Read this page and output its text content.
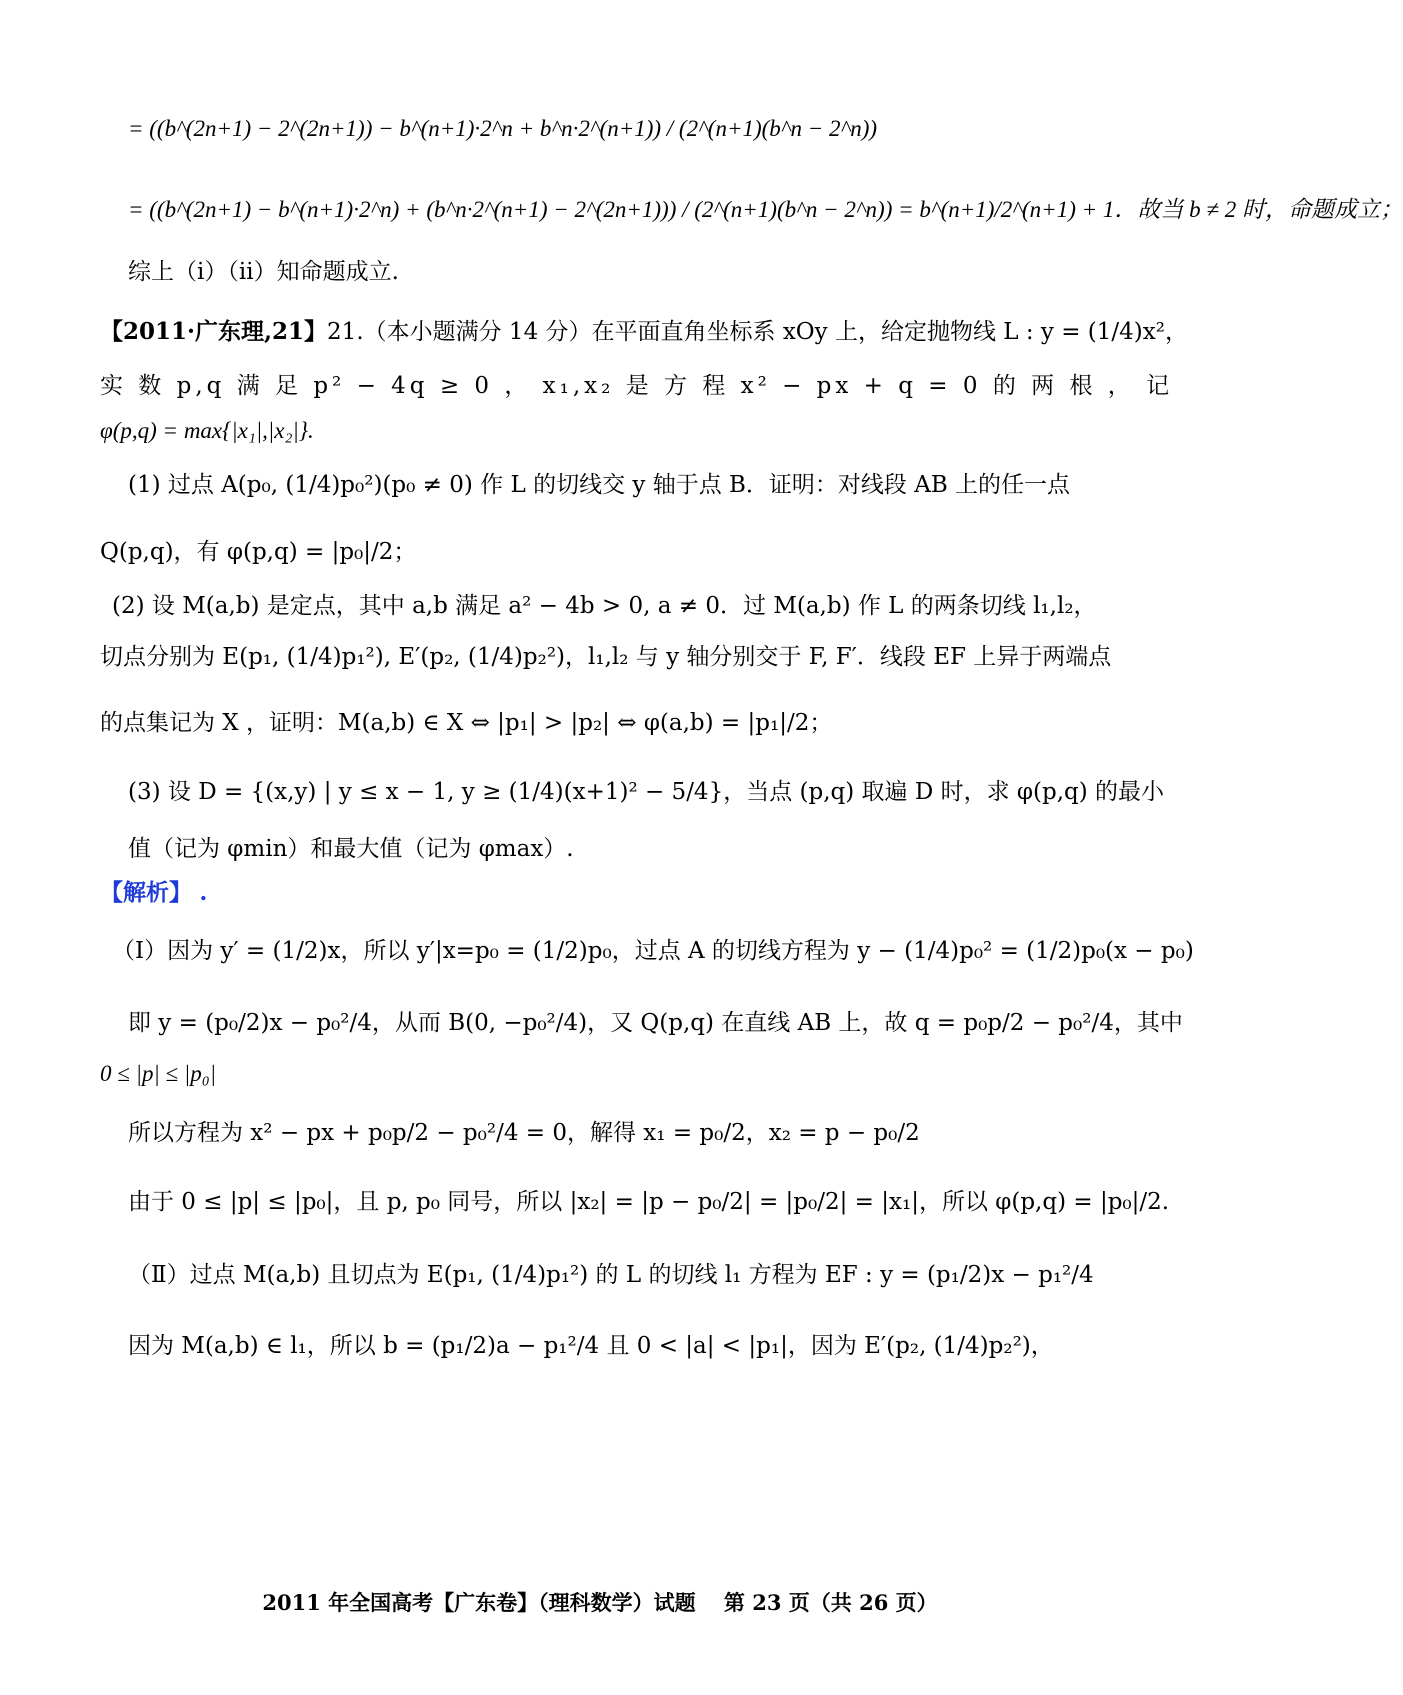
= ((b^(2n+1) − 2^(2n+1)) − b^(n+1)·2^n + b^n·2^(n+1)) / (2^(n+1)(b^n − 2^n))
= ((b^(2n+1) − b^(n+1)·2^n) + (b^n·2^(n+1) − 2^(2n+1))) / (2^(n+1)(b^n − 2^n)) = b^(n+1)/2^(n+1) + 1．故当 b ≠ 2 时，命题成立；
综上（ⅰ）（ⅱ）知命题成立.
【2011·广东理,21】21.（本小题满分 14 分）在平面直角坐标系 xOy 上，给定抛物线 L : y = (1/4)x²，
实 数 p,q 满 足 p² − 4q ≥ 0 ， x₁,x₂ 是 方 程 x² − px + q = 0 的 两 根 ， 记
φ(p,q) = max{|x₁|,|x₂|}.
(1) 过点 A(p₀, (1/4)p₀²)(p₀ ≠ 0) 作 L 的切线交 y 轴于点 B．证明：对线段 AB 上的任一点
Q(p,q)，有 φ(p,q) = |p₀|/2；
(2) 设 M(a,b) 是定点，其中 a,b 满足 a² − 4b > 0, a ≠ 0．过 M(a,b) 作 L 的两条切线 l₁,l₂，
切点分别为 E(p₁, (1/4)p₁²), E′(p₂, (1/4)p₂²)，l₁,l₂ 与 y 轴分别交于 F, F′．线段 EF 上异于两端点
的点集记为 X ，证明：M(a,b) ∈ X ⇔ |p₁| > |p₂| ⇔ φ(a,b) = |p₁|/2；
(3) 设 D = {(x,y) | y ≤ x − 1, y ≥ (1/4)(x+1)² − 5/4}，当点 (p,q) 取遍 D 时，求 φ(p,q) 的最小
值（记为 φmin）和最大值（记为 φmax）.
【解析】 .
（Ⅰ）因为 y′ = (1/2)x，所以 y′|x=p₀ = (1/2)p₀，过点 A 的切线方程为 y − (1/4)p₀² = (1/2)p₀(x − p₀)
即 y = (p₀/2)x − p₀²/4，从而 B(0, −p₀²/4)，又 Q(p,q) 在直线 AB 上，故 q = p₀p/2 − p₀²/4，其中
0 ≤ |p| ≤ |p₀|
所以方程为 x² − px + p₀p/2 − p₀²/4 = 0，解得 x₁ = p₀/2，x₂ = p − p₀/2
由于 0 ≤ |p| ≤ |p₀|，且 p, p₀ 同号，所以 |x₂| = |p − p₀/2| = |p₀/2| = |x₁|，所以 φ(p,q) = |p₀|/2.
（Ⅱ）过点 M(a,b) 且切点为 E(p₁, (1/4)p₁²) 的 L 的切线 l₁ 方程为 EF : y = (p₁/2)x − p₁²/4
因为 M(a,b) ∈ l₁，所以 b = (p₁/2)a − p₁²/4 且 0 < |a| < |p₁|，因为 E′(p₂, (1/4)p₂²)，
2011 年全国高考【广东卷】（理科数学）试题　 第 23 页（共 26 页）
